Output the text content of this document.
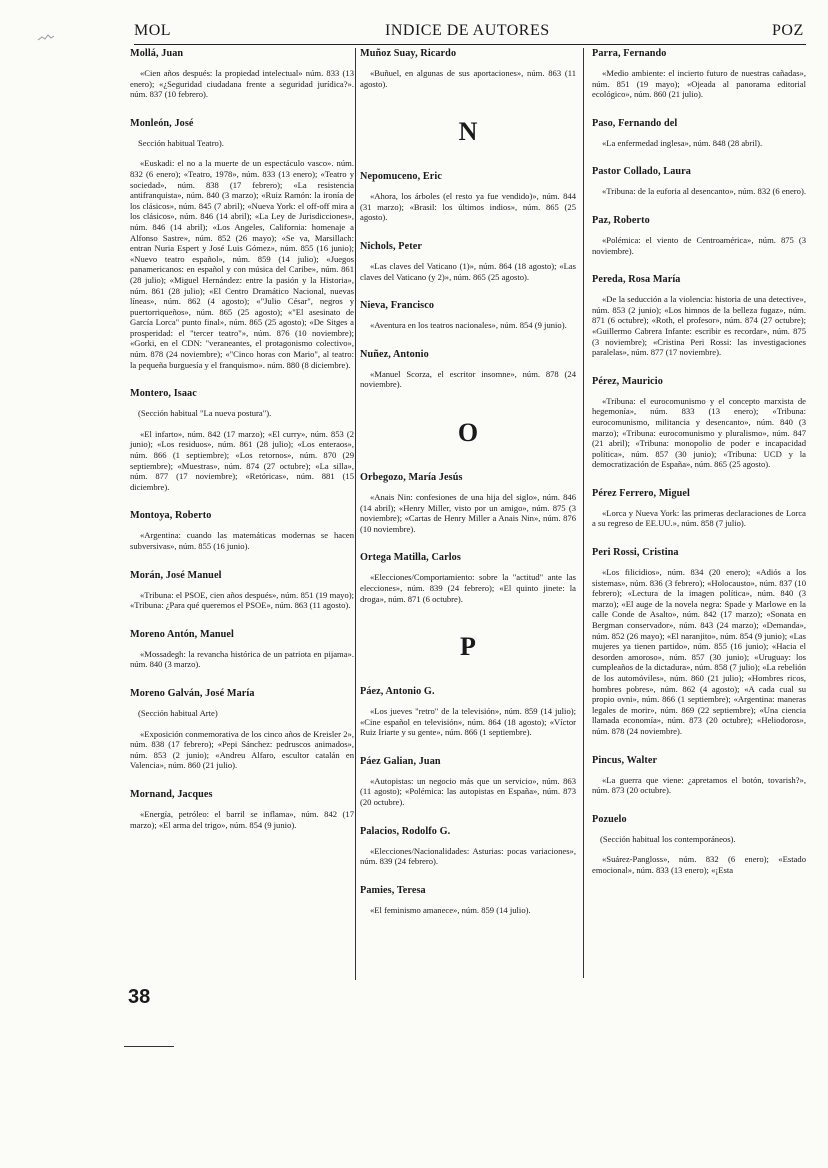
MOL	INDICE DE AUTORES	POZ
Mollá, Juan
«Cien años después: la propiedad intelectual» núm. 833 (13 enero); «¿Seguridad ciudadana frente a seguridad jurídica?». núm. 837 (10 febrero).
Monleón, José
Sección habitual Teatro).
«Euskadi: el no a la muerte de un espectáculo vasco». núm. 832 (6 enero); «Teatro, 1978», núm. 833 (13 enero); «Teatro y sociedad», núm. 838 (17 febrero); «La resistencia antifranquista», núm. 840 (3 marzo); «Ruiz Ramón: la ironía de los clásicos», núm. 845 (7 abril); «Nueva York: el off-off mira a los clásicos», núm. 846 (14 abril); «La Ley de Jurisdicciones», núm. 846 (14 abril); «Los Angeles, California: homenaje a Alfonso Sastre», núm. 852 (26 mayo); «Se va, Marsillach: entran Nuria Espert y José Luis Gómez», núm. 855 (16 junio); «Nuevo teatro español», núm. 859 (14 julio); «Juegos panamericanos: en español y con música del Caribe», núm. 861 (28 julio); «Miguel Hernández: entre la pasión y la Historia», núm. 861 (28 julio); «El Centro Dramático Nacional, nuevas líneas», núm. 862 (4 agosto); «"Julio César", negros y puertorriqueños», núm. 865 (25 agosto); «"El asesinato de García Lorca" punto final», núm. 865 (25 agosto); «De Sitges a prosperidad: el "tercer teatro"», núm. 876 (10 noviembre); «Gorki, en el CDN: "veraneantes, el protagonismo colectivo», núm. 878 (24 noviembre); «"Cinco horas con Mario", al teatro: la pequeña burguesía y el franquismo». núm. 880 (8 diciembre).
Montero, Isaac
(Sección habitual "La nueva postura").
«El infarto», núm. 842 (17 marzo); «El curry», núm. 853 (2 junio); «Los residuos», núm. 861 (28 julio); «Los enteraos», núm. 866 (1 septiembre); «Los retornos», núm. 870 (29 septiembre); «Muestras», núm. 874 (27 octubre); «La silla», núm. 877 (17 noviembre); «Retóricas», núm. 881 (15 diciembre).
Montoya, Roberto
«Argentina: cuando las matemáticas modernas se hacen subversivas», núm. 855 (16 junio).
Morán, José Manuel
«Tribuna: el PSOE, cien años después», núm. 851 (19 mayo); «Tribuna: ¿Para qué queremos el PSOE», núm. 863 (11 agosto).
Moreno Antón, Manuel
«Mossadegh: la revancha histórica de un patriota en pijama». núm. 840 (3 marzo).
Moreno Galván, José María
(Sección habitual Arte)
«Exposición conmemorativa de los cinco años de Kreisler 2», núm. 838 (17 febrero); «Pepi Sánchez: pedruscos animados», núm. 853 (2 junio); «Andreu Alfaro, escultor catalán en Valencia», núm. 860 (21 julio).
Mornand, Jacques
«Energía, petróleo: el barril se inflama», núm. 842 (17 marzo); «El arma del trigo», núm. 854 (9 junio).
Muñoz Suay, Ricardo
«Buñuel, en algunas de sus aportaciones», núm. 863 (11 agosto).
N
Nepomuceno, Eric
«Ahora, los árboles (el resto ya fue vendido)», núm. 844 (31 marzo); «Brasil: los últimos indios», núm. 865 (25 agosto).
Nichols, Peter
«Las claves del Vaticano (1)», núm. 864 (18 agosto); «Las claves del Vaticano (y 2)», núm. 865 (25 agosto).
Nieva, Francisco
«Aventura en los teatros nacionales», núm. 854 (9 junio).
Nuñez, Antonio
«Manuel Scorza, el escritor insomne», núm. 878 (24 noviembre).
O
Orbegozo, María Jesús
«Anais Nin: confesiones de una hija del siglo», núm. 846 (14 abril); «Henry Miller, visto por un amigo», núm. 875 (3 noviembre); «Cartas de Henry Miller a Anais Nin», núm. 876 (10 noviembre).
Ortega Matilla, Carlos
«Elecciones/Comportamiento: sobre la "actitud" ante las elecciones», núm. 839 (24 febrero); «El quinto jinete: la droga», núm. 871 (6 octubre).
P
Páez, Antonio G.
«Los jueves "retro" de la televisión», núm. 859 (14 julio); «Cine español en televisión», núm. 864 (18 agosto); «Víctor Ruiz Iriarte y su gente», núm. 866 (1 septiembre).
Páez Galian, Juan
«Autopistas: un negocio más que un servicio», núm. 863 (11 agosto); «Polémica: las autopistas en España», núm. 873 (20 octubre).
Palacios, Rodolfo G.
«Elecciones/Nacionalidades: Asturias: pocas variaciones», núm. 839 (24 febrero).
Pamies, Teresa
«El feminismo amanece», núm. 859 (14 julio).
Parra, Fernando
«Medio ambiente: el incierto futuro de nuestras cañadas», núm. 851 (19 mayo); «Ojeada al panorama editorial ecológico», núm. 860 (21 julio).
Paso, Fernando del
«La enfermedad inglesa», núm. 848 (28 abril).
Pastor Collado, Laura
«Tribuna: de la euforia al desencanto», núm. 832 (6 enero).
Paz, Roberto
«Polémica: el viento de Centroamérica», núm. 875 (3 noviembre).
Pereda, Rosa María
«De la seducción a la violencia: historia de una detective», núm. 853 (2 junio); «Los himnos de la belleza fugaz», núm. 871 (6 octubre); «Roth, el profesor», núm. 874 (27 octubre); «Guillermo Cabrera Infante: escribir es recordar», núm. 875 (3 noviembre); «Cristina Peri Rossi: las investigaciones paralelas», núm. 877 (17 noviembre).
Pérez, Mauricio
«Tribuna: el eurocomunismo y el concepto marxista de hegemonía», núm. 833 (13 enero); «Tribuna: eurocomunismo, militancia y desencanto», núm. 840 (3 marzo); «Tribuna: eurocomunismo y pluralismo», núm. 847 (21 abril); «Tribuna: monopolio de poder e incapacidad política», núm. 857 (30 junio); «Tribuna: UCD y la democratización de España», núm. 865 (25 agosto).
Pérez Ferrero, Miguel
«Lorca y Nueva York: las primeras declaraciones de Lorca a su regreso de EE.UU.», núm. 858 (7 julio).
Peri Rossi, Cristina
«Los filicidios», núm. 834 (20 enero); «Adiós a los sistemas», núm. 836 (3 febrero); «Holocausto», núm. 837 (10 febrero); «Lectura de la imagen política», núm. 840 (3 marzo); «El auge de la novela negra: Spade y Marlowe en la calle Conde de Asalto», núm. 842 (17 marzo); «Sonata en Bergman conservador», núm. 843 (24 marzo); «Demanda», núm. 852 (26 mayo); «El naranjito», núm. 854 (9 junio); «Las mujeres ya tienen partido», núm. 855 (16 junio); «Hacia el desorden amoroso», núm. 857 (30 junio); «Uruguay: los cumpleaños de la dictadura», núm. 858 (7 julio); «La rebelión de los automóviles», núm. 860 (21 julio); «Hombres ricos, hombres pobres», núm. 862 (4 agosto); «A cada cual su propio ovni», núm. 866 (1 septiembre); «Argentina: maneras legales de morir», núm. 869 (22 septiembre); «Una ciencia llamada economía», núm. 873 (20 octubre); «Heliodoros», núm. 878 (24 noviembre).
Pincus, Walter
«La guerra que viene: ¿apretamos el botón, tovarish?», núm. 873 (20 octubre).
Pozuelo
(Sección habitual los contemporáneos).
«Suárez-Pangloss», núm. 832 (6 enero); «Estado emocional», núm. 833 (13 enero); «¡Esta
38
